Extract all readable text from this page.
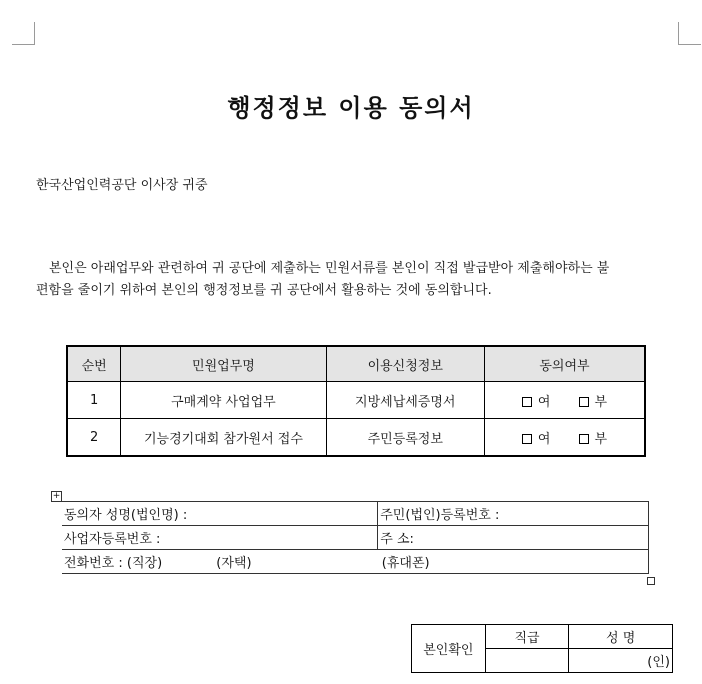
행정정보 이용 동의서
한국산업인력공단 이사장 귀중

본인은 아래업무와 관련하여 귀 공단에 제출하는 민원서류를 본인이 직접 발급받아 제출해야하는 불
편함을 줄이기 위하여 본인의 행정정보를 귀 공단에서 활용하는 것에 동의합니다.

순번	민원업무명	이용신청정보	동의여부
1	구매계약 사업업무	지방세납세증명서	여 부
2	기능경기대회 참가원서 접수	주민등록정보	여 부
+
동의자 성명(법인명) :	주민(법인)등록번호 :
사업자등록번호 :	주 소:
전화번호 : (직장) (자택)	(휴대폰)
본인확인	직급	성 명

		(인)
